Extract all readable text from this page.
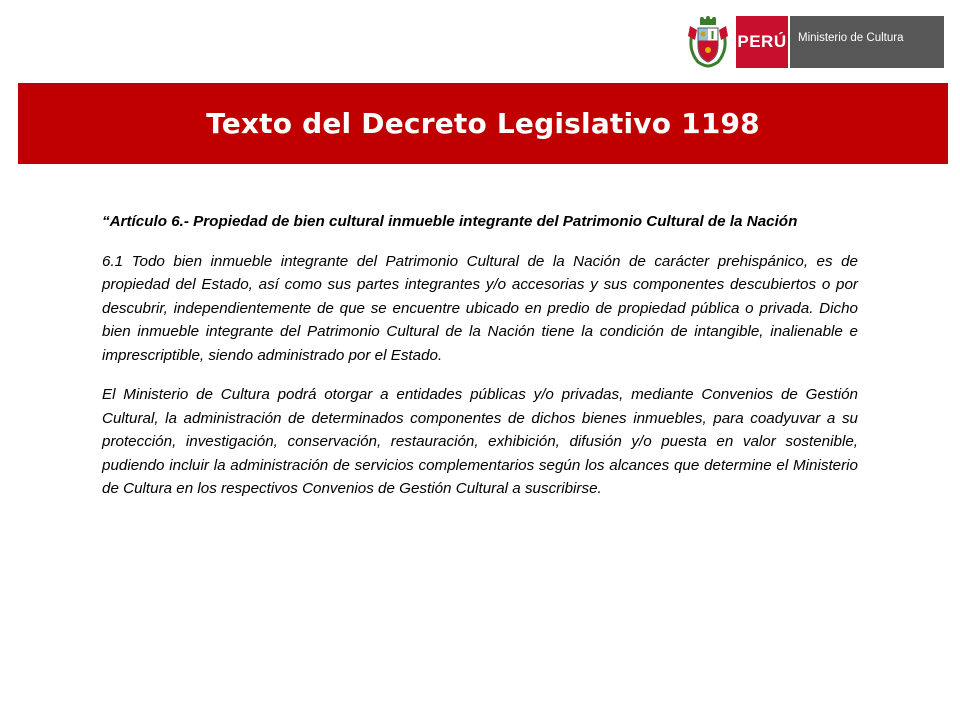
PERÚ Ministerio de Cultura
Texto del Decreto Legislativo 1198
“Artículo 6.- Propiedad de bien cultural inmueble integrante del Patrimonio Cultural de la Nación

6.1 Todo bien inmueble integrante del Patrimonio Cultural de la Nación de carácter prehispánico, es de propiedad del Estado, así como sus partes integrantes y/o accesorias y sus componentes descubiertos o por descubrir, independientemente de que se encuentre ubicado en predio de propiedad pública o privada. Dicho bien inmueble integrante del Patrimonio Cultural de la Nación tiene la condición de intangible, inalienable e imprescriptible, siendo administrado por el Estado.

El Ministerio de Cultura podrá otorgar a entidades públicas y/o privadas, mediante Convenios de Gestión Cultural, la administración de determinados componentes de dichos bienes inmuebles, para coadyuvar a su protección, investigación, conservación, restauración, exhibición, difusión y/o puesta en valor sostenible, pudiendo incluir la administración de servicios complementarios según los alcances que determine el Ministerio de Cultura en los respectivos Convenios de Gestión Cultural a suscribirse.
